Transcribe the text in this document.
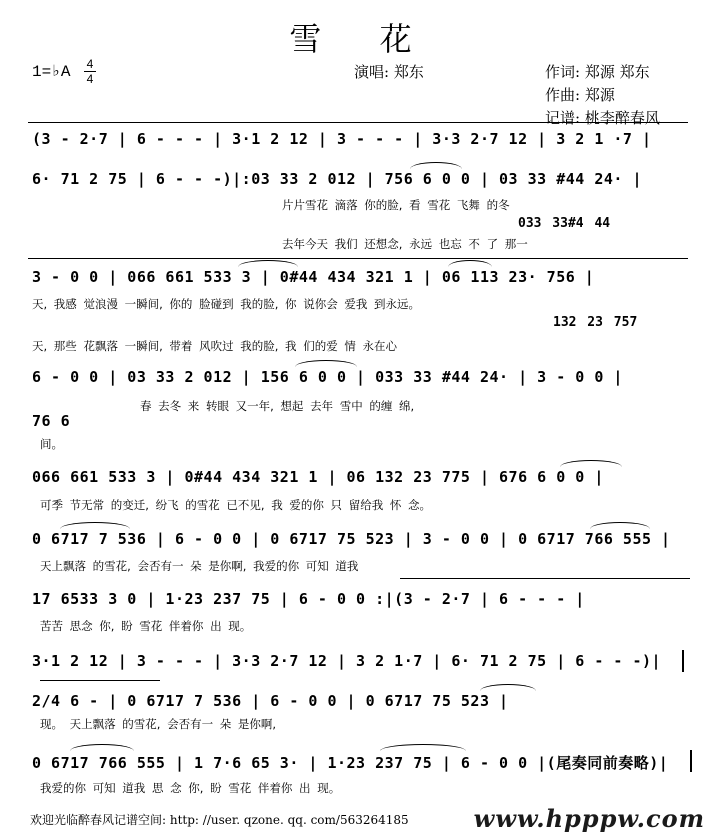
雪 花
1=♭A 4
4	演唱: 郑东	作词: 郑源 郑东
作曲: 郑源
记谱: 桃李醉春风
(3 - 2·7 | 6 - - - | 3·1 2 12 | 3 - - - | 3·3 2·7 12 | 3 2 1 ·7 |
6· 71 2 75 | 6 - - -)|:03 33 2 012 | 756 6 0 0 | 03 33 #44 24· |
片片雪花 滴落 你的脸, 看 雪花 飞舞 的冬
033 33#4 44
去年今天 我们 还想念, 永远 也忘 不 了 那一
3 - 0 0 | 066 661 533 3 | 0#44 434 321 1 | 06 113 23· 756 |
天, 我感 觉浪漫 一瞬间, 你的 脸碰到 我的脸, 你 说你会 爱我 到永远。
132 23 757
天, 那些 花飘落 一瞬间, 带着 风吹过 我的脸, 我 们的爱 情 永在心
6 - 0 0 | 03 33 2 012 | 156 6 0 0 | 033 33 #44 24· | 3 - 0 0 |
春 去冬 来 转眼 又一年, 想起 去年 雪中 的缠 绵,
76 6
间。
066 661 533 3 | 0#44 434 321 1 | 06 132 23 775 | 676 6 0 0 |
可季 节无常 的变迁, 纷飞 的雪花 已不见, 我 爱的你 只 留给我 怀 念。
0 6717 7 536 | 6 - 0 0 | 0 6717 75 523 | 3 - 0 0 | 0 6717 766 555 |
天上飘落 的雪花, 会否有一 朵 是你啊, 我爱的你 可知 道我
17 6533 3 0 | 1·23 237 75 | 6 - 0 0 :|(3 - 2·7 | 6 - - - |
苦苦 思念 你, 盼 雪花 伴着你 出 现。
3·1 2 12 | 3 - - - | 3·3 2·7 12 | 3 2 1·7 | 6· 71 2 75 | 6 - - -)|
2/4 6 - | 0 6717 7 536 | 6 - 0 0 | 0 6717 75 523 |
现。 天上飘落 的雪花, 会否有一 朵 是你啊,
0 6717 766 555 | 1 7·6 65 3· | 1·23 237 75 | 6 - 0 0 |(尾奏同前奏略)|
我爱的你 可知 道我 思 念 你, 盼 雪花 伴着你 出 现。
欢迎光临醉春风记谱空间: http: //user. qzone. qq. com/563264185	www.hpppw.com
